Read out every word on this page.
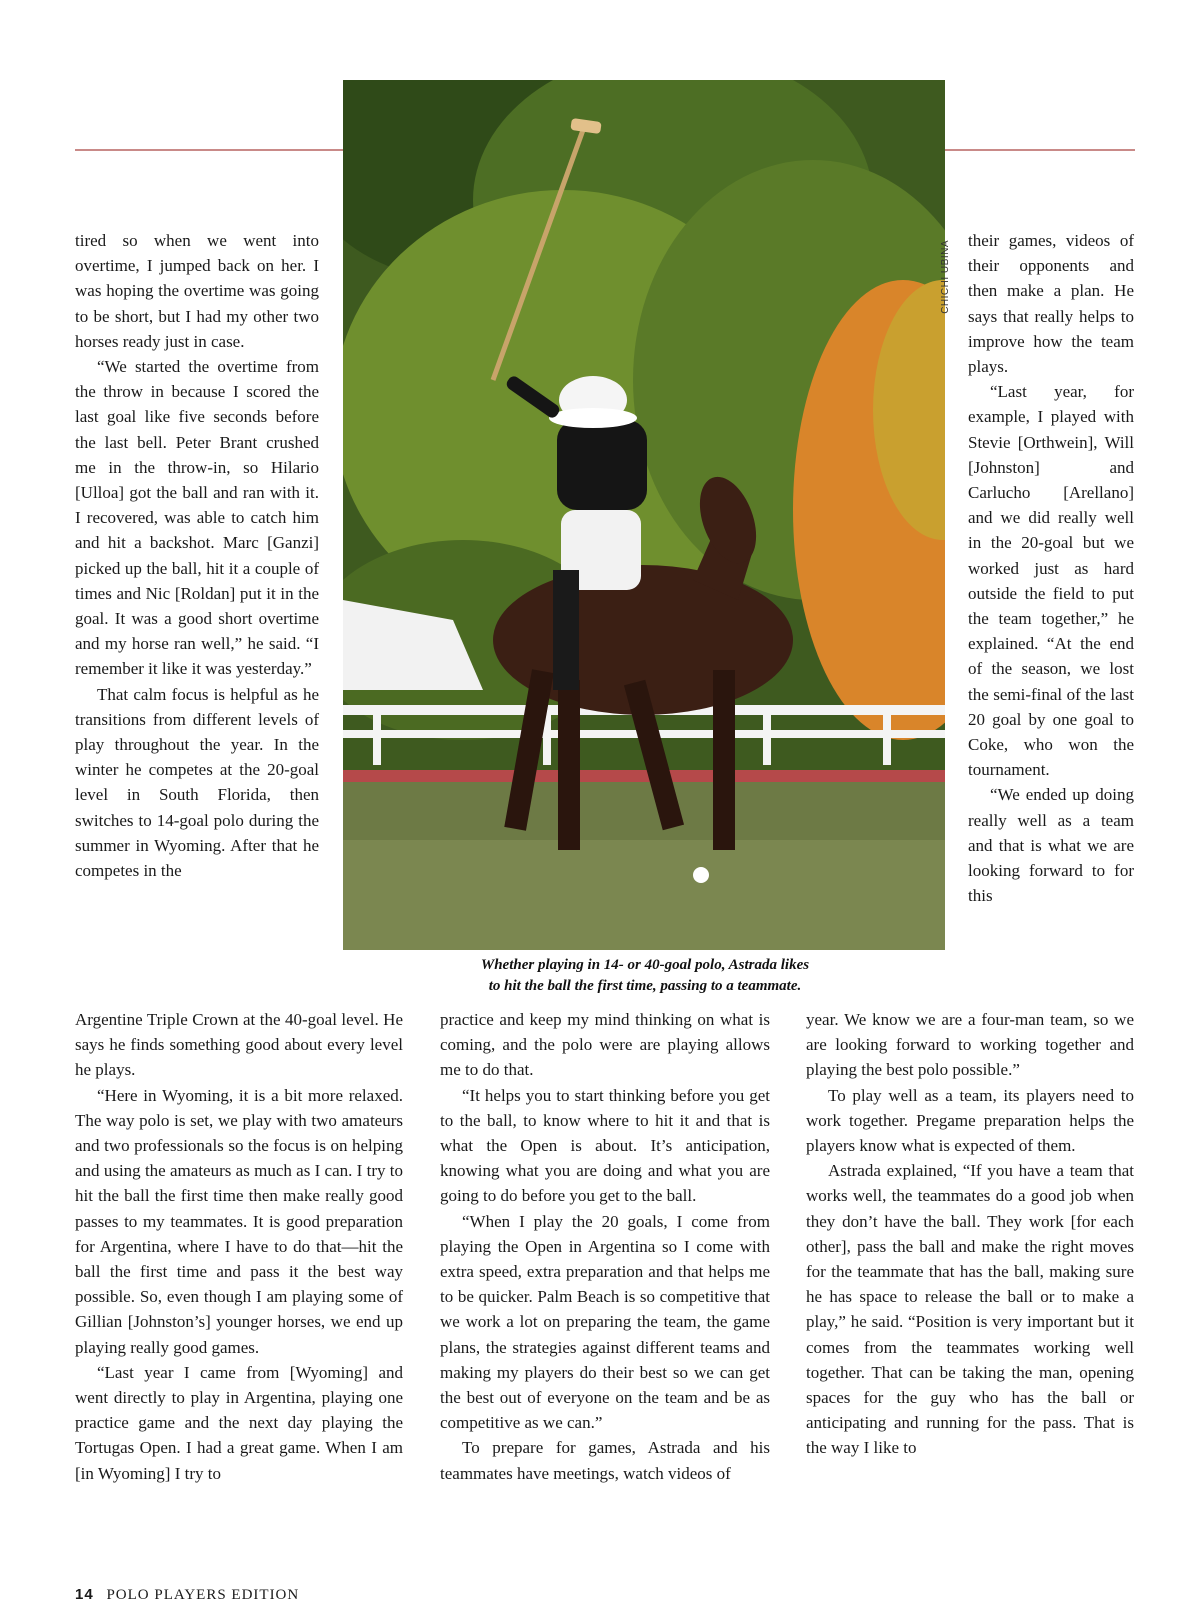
CHICHI UBINA
Whether playing in 14- or 40-goal polo, Astrada likes
to hit the ball the first time, passing to a teammate.

tired so when we went into overtime, I jumped back on her. I was hoping the overtime was going to be short, but I had my other two horses ready just in case.

“We started the overtime from the throw in because I scored the last goal like five seconds before the last bell. Peter Brant crushed me in the throw-in, so Hilario [Ulloa] got the ball and ran with it. I recovered, was able to catch him and hit a backshot. Marc [Ganzi] picked up the ball, hit it a couple of times and Nic [Roldan] put it in the goal. It was a good short overtime and my horse ran well,” he said. “I remember it like it was yesterday.”

That calm focus is helpful as he transitions from different levels of play throughout the year. In the winter he competes at the 20-goal level in South Florida, then switches to 14-goal polo during the summer in Wyoming. After that he competes in the

Argentine Triple Crown at the 40-goal level. He says he finds something good about every level he plays.

“Here in Wyoming, it is a bit more relaxed. The way polo is set, we play with two amateurs and two professionals so the focus is on helping and using the amateurs as much as I can. I try to hit the ball the first time then make really good passes to my teammates. It is good preparation for Argentina, where I have to do that—hit the ball the first time and pass it the best way possible. So, even though I am playing some of Gillian [Johnston’s] younger horses, we end up playing really good games.

“Last year I came from [Wyoming] and went directly to play in Argentina, playing one practice game and the next day playing the Tortugas Open. I had a great game. When I am [in Wyoming] I try to

practice and keep my mind thinking on what is coming, and the polo were are playing allows me to do that.

“It helps you to start thinking before you get to the ball, to know where to hit it and that is what the Open is about. It’s anticipation, knowing what you are doing and what you are going to do before you get to the ball.

“When I play the 20 goals, I come from playing the Open in Argentina so I come with extra speed, extra preparation and that helps me to be quicker. Palm Beach is so competitive that we work a lot on preparing the team, the game plans, the strategies against different teams and making my players do their best so we can get the best out of everyone on the team and be as competitive as we can.”

To prepare for games, Astrada and his teammates have meetings, watch videos of

their games, videos of their opponents and then make a plan. He says that really helps to improve how the team plays.

“Last year, for example, I played with Stevie [Orthwein], Will [Johnston] and Carlucho [Arellano] and we did really well in the 20-goal but we worked just as hard outside the field to put the team together,” he explained. “At the end of the season, we lost the semi-final of the last 20 goal by one goal to Coke, who won the tournament.

“We ended up doing really well as a team and that is what we are looking forward to for this

year. We know we are a four-man team, so we are looking forward to working together and playing the best polo possible.”

To play well as a team, its players need to work together. Pregame preparation helps the players know what is expected of them.

Astrada explained, “If you have a team that works well, the teammates do a good job when they don’t have the ball. They work [for each other], pass the ball and make the right moves for the teammate that has the ball, making sure he has space to release the ball or to make a play,” he said. “Position is very important but it comes from the teammates working well together. That can be taking the man, opening spaces for the guy who has the ball or anticipating and running for the pass. That is the way I like to

14 POLO PLAYERS EDITION
